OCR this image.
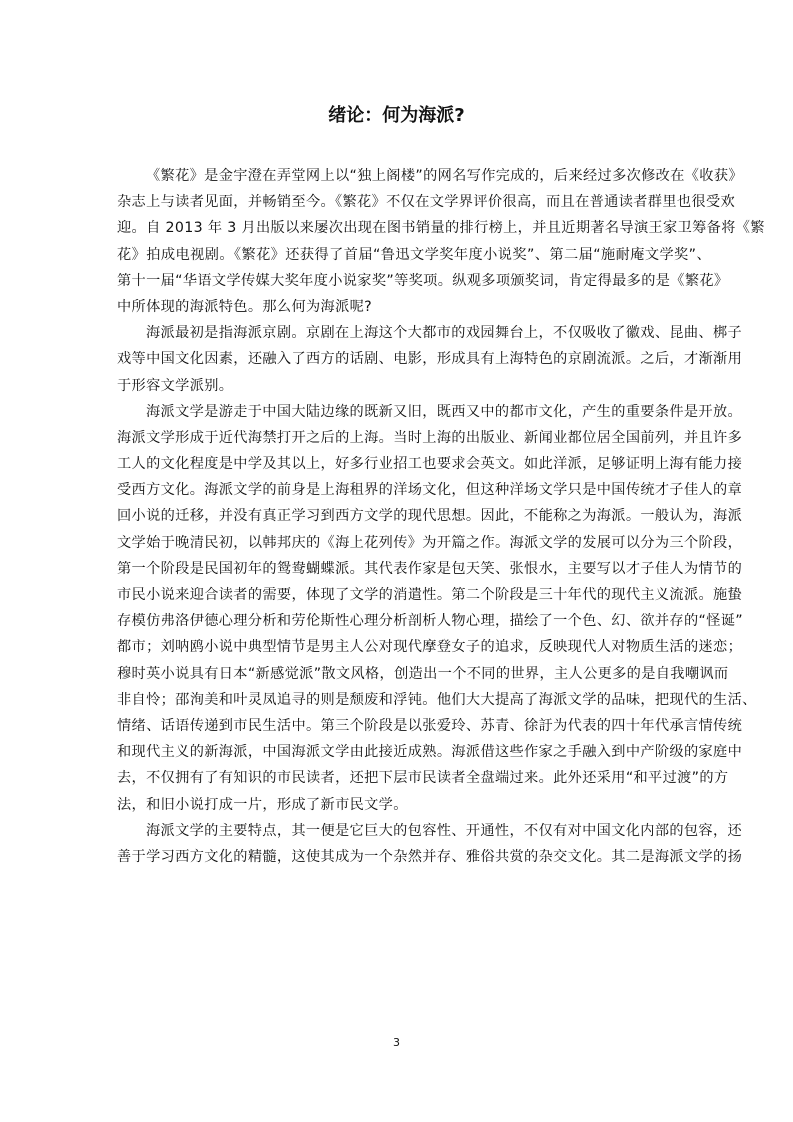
绪论：何为海派?
《繁花》是金宇澄在弄堂网上以“独上阁楼”的网名写作完成的，后来经过多次修改在《收获》
杂志上与读者见面，并畅销至今。《繁花》不仅在文学界评价很高，而且在普通读者群里也很受欢
迎。自 2013 年 3 月出版以来屡次出现在图书销量的排行榜上，并且近期著名导演王家卫筹备将《繁
花》拍成电视剧。《繁花》还获得了首届“鲁迅文学奖年度小说奖”、第二届“施耐庵文学奖”、
第十一届“华语文学传媒大奖年度小说家奖”等奖项。纵观多项颁奖词，肯定得最多的是《繁花》
中所体现的海派特色。那么何为海派呢?
海派最初是指海派京剧。京剧在上海这个大都市的戏园舞台上，不仅吸收了徽戏、昆曲、梆子
戏等中国文化因素，还融入了西方的话剧、电影，形成具有上海特色的京剧流派。之后，才渐渐用
于形容文学派别。
海派文学是游走于中国大陆边缘的既新又旧，既西又中的都市文化，产生的重要条件是开放。
海派文学形成于近代海禁打开之后的上海。当时上海的出版业、新闻业都位居全国前列，并且许多
工人的文化程度是中学及其以上，好多行业招工也要求会英文。如此洋派，足够证明上海有能力接
受西方文化。海派文学的前身是上海租界的洋场文化，但这种洋场文学只是中国传统才子佳人的章
回小说的迁移，并没有真正学习到西方文学的现代思想。因此，不能称之为海派。一般认为，海派
文学始于晚清民初，以韩邦庆的《海上花列传》为开篇之作。海派文学的发展可以分为三个阶段，
第一个阶段是民国初年的鸳鸯蝴蝶派。其代表作家是包天笑、张恨水，主要写以才子佳人为情节的
市民小说来迎合读者的需要，体现了文学的消遣性。第二个阶段是三十年代的现代主义流派。施蛰
存模仿弗洛伊德心理分析和劳伦斯性心理分析剖析人物心理，描绘了一个色、幻、欲并存的“怪诞”
都市；刘呐鸥小说中典型情节是男主人公对现代摩登女子的追求，反映现代人对物质生活的迷恋；
穆时英小说具有日本“新感觉派”散文风格，创造出一个不同的世界，主人公更多的是自我嘲讽而
非自怜；邵洵美和叶灵凤追寻的则是颓废和浮钝。他们大大提高了海派文学的品味，把现代的生活、
情绪、话语传递到市民生活中。第三个阶段是以张爱玲、苏青、徐訏为代表的四十年代承言情传统
和现代主义的新海派，中国海派文学由此接近成熟。海派借这些作家之手融入到中产阶级的家庭中
去，不仅拥有了有知识的市民读者，还把下层市民读者全盘端过来。此外还采用“和平过渡”的方
法，和旧小说打成一片，形成了新市民文学。
海派文学的主要特点，其一便是它巨大的包容性、开通性，不仅有对中国文化内部的包容，还
善于学习西方文化的精髓，这使其成为一个杂然并存、雅俗共赏的杂交文化。其二是海派文学的扬
3
